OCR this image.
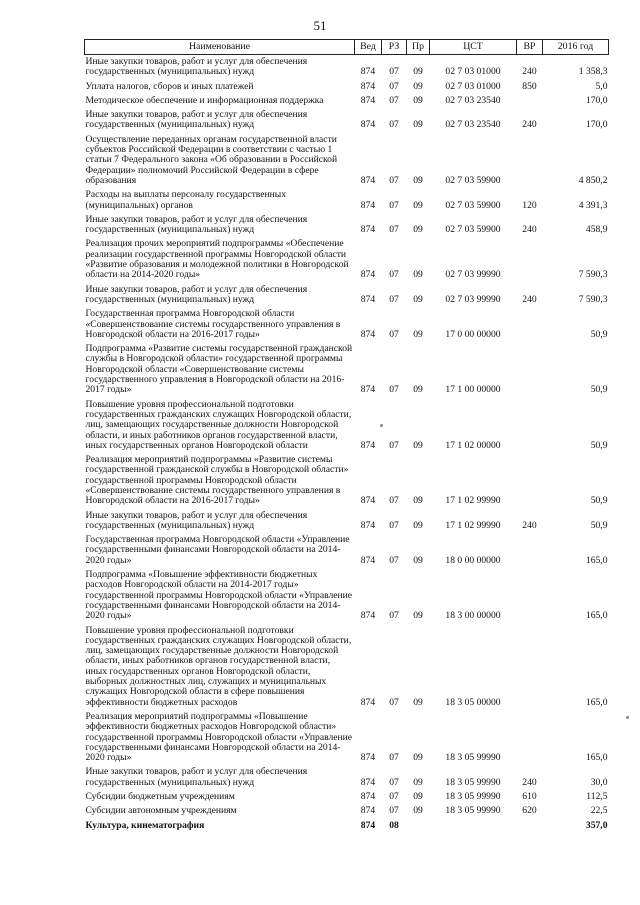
51
Наименование	Вед	РЗ	Пр	ЦСТ	ВР	2016 год
Иные закупки товаров, работ и услуг для обеспечения государственных (муниципальных) нужд	874	07	09	02 7 03 01000	240	1 358,3
Уплата налогов, сборов и иных платежей	874	07	09	02 7 03 01000	850	5,0
Методическое обеспечение и информационная поддержка	874	07	09	02 7 03 23540		170,0
Иные закупки товаров, работ и услуг для обеспечения государственных (муниципальных) нужд	874	07	09	02 7 03 23540	240	170,0
Осуществление переданных органам государственной власти субъектов Российской Федерации в соответствии с частью 1 статьи 7 Федерального закона «Об образовании в Российской Федерации» полномочий Российской Федерации в сфере образования	874	07	09	02 7 03 59900		4 850,2
Расходы на выплаты персоналу государственных (муниципальных) органов	874	07	09	02 7 03 59900	120	4 391,3
Иные закупки товаров, работ и услуг для обеспечения государственных (муниципальных) нужд	874	07	09	02 7 03 59900	240	458,9
Реализация прочих мероприятий подпрограммы «Обеспечение реализации государственной программы Новгородской области «Развитие образования и молодежной политики в Новгородской области на 2014-2020 годы»	874	07	09	02 7 03 99990		7 590,3
Иные закупки товаров, работ и услуг для обеспечения государственных (муниципальных) нужд	874	07	09	02 7 03 99990	240	7 590,3
Государственная программа Новгородской области «Совершенствование системы государственного управления в Новгородской области на 2016-2017 годы»	874	07	09	17 0 00 00000		50,9
Подпрограмма «Развитие системы государственной гражданской службы в Новгородской области» государственной программы Новгородской области «Совершенствование системы государственного управления в Новгородской области на 2016-2017 годы»	874	07	09	17 1 00 00000		50,9
Повышение уровня профессиональной подготовки государственных гражданских служащих Новгородской области, лиц, замещающих государственные должности Новгородской области, и иных работников органов государственной власти, иных государственных органов Новгородской области	874	07	09	17 1 02 00000		50,9
Реализация мероприятий подпрограммы «Развитие системы государственной гражданской службы в Новгородской области» государственной программы Новгородской области «Совершенствование системы государственного управления в Новгородской области на 2016-2017 годы»	874	07	09	17 1 02 99990		50,9
Иные закупки товаров, работ и услуг для обеспечения государственных (муниципальных) нужд	874	07	09	17 1 02 99990	240	50,9
Государственная программа Новгородской области «Управление государственными финансами Новгородской области на 2014-2020 годы»	874	07	09	18 0 00 00000		165,0
Подпрограмма «Повышение эффективности бюджетных расходов Новгородской области на 2014-2017 годы» государственной программы Новгородской области «Управление государственными финансами Новгородской области на 2014-2020 годы»	874	07	09	18 3 00 00000		165,0
Повышение уровня профессиональной подготовки государственных гражданских служащих Новгородской области, лиц, замещающих государственные должности Новгородской области, иных работников органов государственной власти, иных государственных органов Новгородской области, выборных должностных лиц, служащих и муниципальных служащих Новгородской области в сфере повышения эффективности бюджетных расходов	874	07	09	18 3 05 00000		165,0
Реализация мероприятий подпрограммы «Повышение эффективности бюджетных расходов Новгородской области» государственной программы Новгородской области «Управление государственными финансами Новгородской области на 2014-2020 годы»	874	07	09	18 3 05 99990		165,0
Иные закупки товаров, работ и услуг для обеспечения государственных (муниципальных) нужд	874	07	09	18 3 05 99990	240	30,0
Субсидии бюджетным учреждениям	874	07	09	18 3 05 99990	610	112,5
Субсидии автономным учреждениям	874	07	09	18 3 05 99990	620	22,5
Культура, кинематография	874	08				357,0
